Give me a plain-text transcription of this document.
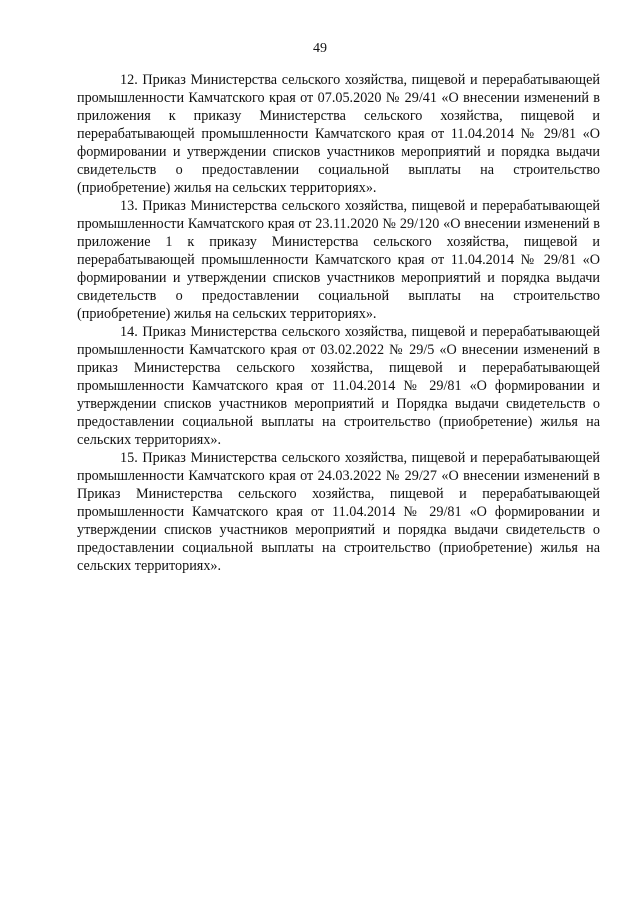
49

12. Приказ Министерства сельского хозяйства, пищевой и перерабатывающей промышленности Камчатского края от 07.05.2020 № 29/41 «О внесении изменений в приложения к приказу Министерства сельского хозяйства, пищевой и перерабатывающей промышленности Камчатского края от 11.04.2014 № 29/81 «О формировании и утверждении списков участников мероприятий и порядка выдачи свидетельств о предоставлении социальной выплаты на строительство (приобретение) жилья на сельских территориях».

13. Приказ Министерства сельского хозяйства, пищевой и перерабатывающей промышленности Камчатского края от 23.11.2020 № 29/120 «О внесении изменений в приложение 1 к приказу Министерства сельского хозяйства, пищевой и перерабатывающей промышленности Камчатского края от 11.04.2014 № 29/81 «О формировании и утверждении списков участников мероприятий и порядка выдачи свидетельств о предоставлении социальной выплаты на строительство (приобретение) жилья на сельских территориях».

14. Приказ Министерства сельского хозяйства, пищевой и перерабатывающей промышленности Камчатского края от 03.02.2022 № 29/5 «О внесении изменений в приказ Министерства сельского хозяйства, пищевой и перерабатывающей промышленности Камчатского края от 11.04.2014 № 29/81 «О формировании и утверждении списков участников мероприятий и Порядка выдачи свидетельств о предоставлении социальной выплаты на строительство (приобретение) жилья на сельских территориях».

15. Приказ Министерства сельского хозяйства, пищевой и перерабатывающей промышленности Камчатского края от 24.03.2022 № 29/27 «О внесении изменений в Приказ Министерства сельского хозяйства, пищевой и перерабатывающей промышленности Камчатского края от 11.04.2014 № 29/81 «О формировании и утверждении списков участников мероприятий и порядка выдачи свидетельств о предоставлении социальной выплаты на строительство (приобретение) жилья на сельских территориях».
